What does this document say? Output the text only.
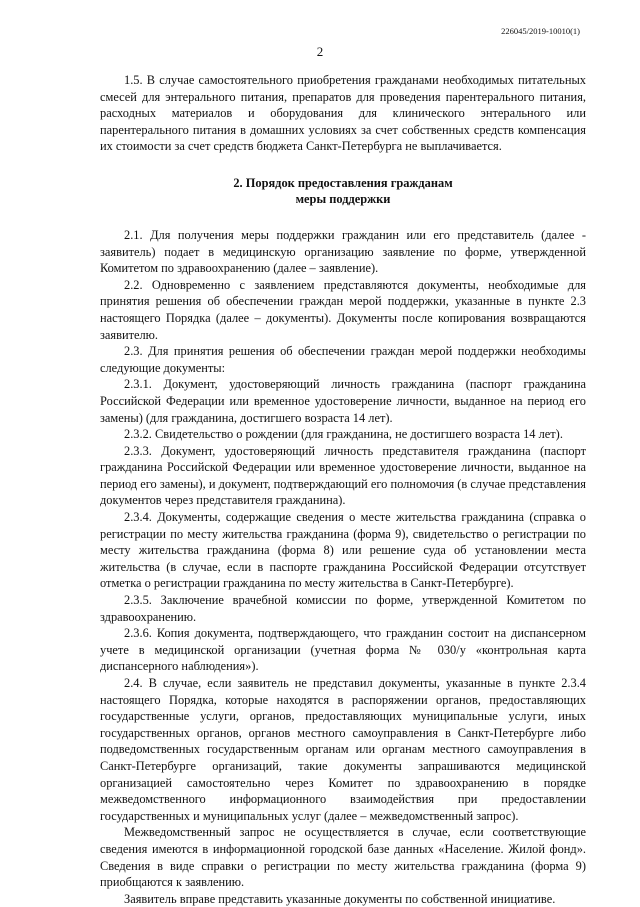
226045/2019-10010(1)
2

1.5. В случае самостоятельного приобретения гражданами необходимых питательных смесей для энтерального питания, препаратов для проведения парентерального питания, расходных материалов и оборудования для клинического энтерального или парентерального питания в домашних условиях за счет собственных средств компенсация их стоимости за счет средств бюджета Санкт-Петербурга не выплачивается.

2. Порядок предоставления гражданам
меры поддержки

2.1. Для получения меры поддержки гражданин или его представитель (далее - заявитель) подает в медицинскую организацию заявление по форме, утвержденной Комитетом по здравоохранению (далее – заявление).

2.2. Одновременно с заявлением представляются документы, необходимые для принятия решения об обеспечении граждан мерой поддержки, указанные в пункте 2.3 настоящего Порядка (далее – документы). Документы после копирования возвращаются заявителю.

2.3. Для принятия решения об обеспечении граждан мерой поддержки необходимы следующие документы:

2.3.1. Документ, удостоверяющий личность гражданина (паспорт гражданина Российской Федерации или временное удостоверение личности, выданное на период его замены) (для гражданина, достигшего возраста 14 лет).

2.3.2. Свидетельство о рождении (для гражданина, не достигшего возраста 14 лет).

2.3.3. Документ, удостоверяющий личность представителя гражданина (паспорт гражданина Российской Федерации или временное удостоверение личности, выданное на период его замены), и документ, подтверждающий его полномочия (в случае представления документов через представителя гражданина).

2.3.4. Документы, содержащие сведения о месте жительства гражданина (справка о регистрации по месту жительства гражданина (форма 9), свидетельство о регистрации по месту жительства гражданина (форма 8) или решение суда об установлении места жительства (в случае, если в паспорте гражданина Российской Федерации отсутствует отметка о регистрации гражданина по месту жительства в Санкт-Петербурге).

2.3.5. Заключение врачебной комиссии по форме, утвержденной Комитетом по здравоохранению.

2.3.6. Копия документа, подтверждающего, что гражданин состоит на диспансерном учете в медицинской организации (учетная форма № 030/у «контрольная карта диспансерного наблюдения»).

2.4. В случае, если заявитель не представил документы, указанные в пункте 2.3.4 настоящего Порядка, которые находятся в распоряжении органов, предоставляющих государственные услуги, органов, предоставляющих муниципальные услуги, иных государственных органов, органов местного самоуправления в Санкт-Петербурге либо подведомственных государственным органам или органам местного самоуправления в Санкт-Петербурге организаций, такие документы запрашиваются медицинской организацией самостоятельно через Комитет по здравоохранению в порядке межведомственного информационного взаимодействия при предоставлении государственных и муниципальных услуг (далее – межведомственный запрос).

Межведомственный запрос не осуществляется в случае, если соответствующие сведения имеются в информационной городской базе данных «Население. Жилой фонд». Сведения в виде справки о регистрации по месту жительства гражданина (форма 9) приобщаются к заявлению.

Заявитель вправе представить указанные документы по собственной инициативе.
